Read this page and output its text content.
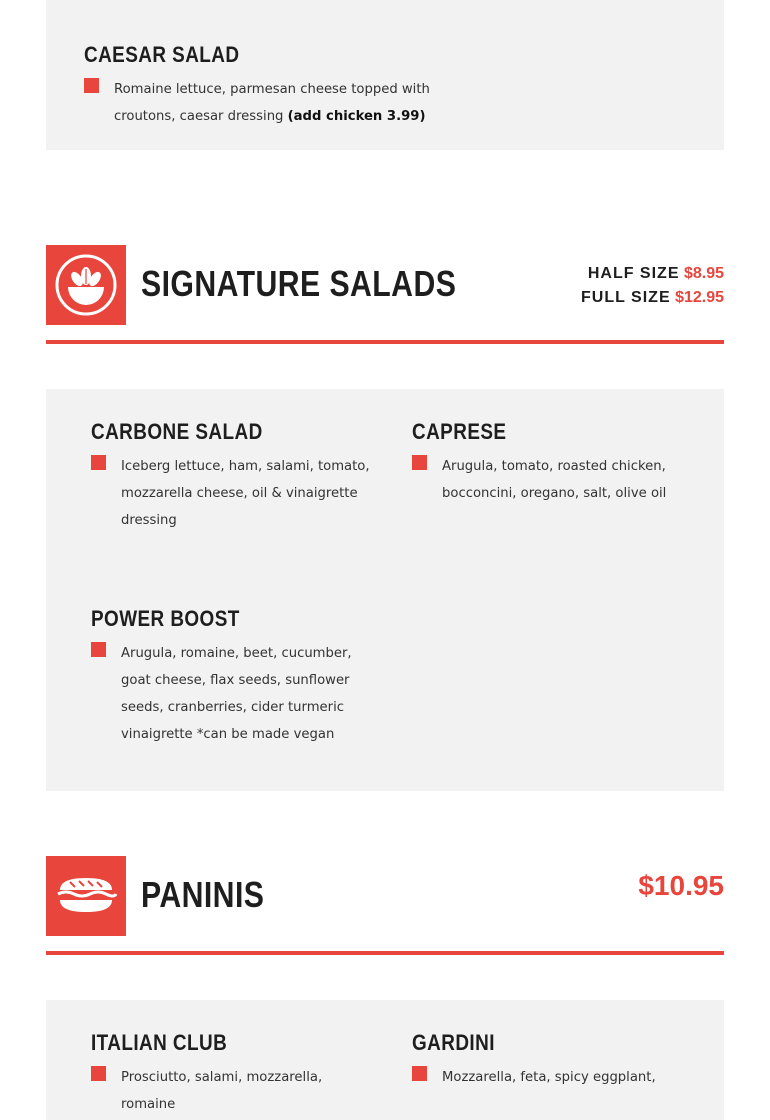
CAESAR SALAD
Romaine lettuce, parmesan cheese topped with croutons, caesar dressing (add chicken 3.99)
SIGNATURE SALADS	HALF SIZE $8.95
FULL SIZE $12.95
CARBONE SALAD
Iceberg lettuce, ham, salami, tomato, mozzarella cheese, oil & vinaigrette dressing
CAPRESE
Arugula, tomato, roasted chicken, bocconcini, oregano, salt, olive oil
POWER BOOST
Arugula, romaine, beet, cucumber, goat cheese, flax seeds, sunflower seeds, cranberries, cider turmeric vinaigrette *can be made vegan
PANINIS	$10.95
ITALIAN CLUB
Prosciutto, salami, mozzarella, romaine
GARDINI
Mozzarella, feta, spicy eggplant,
